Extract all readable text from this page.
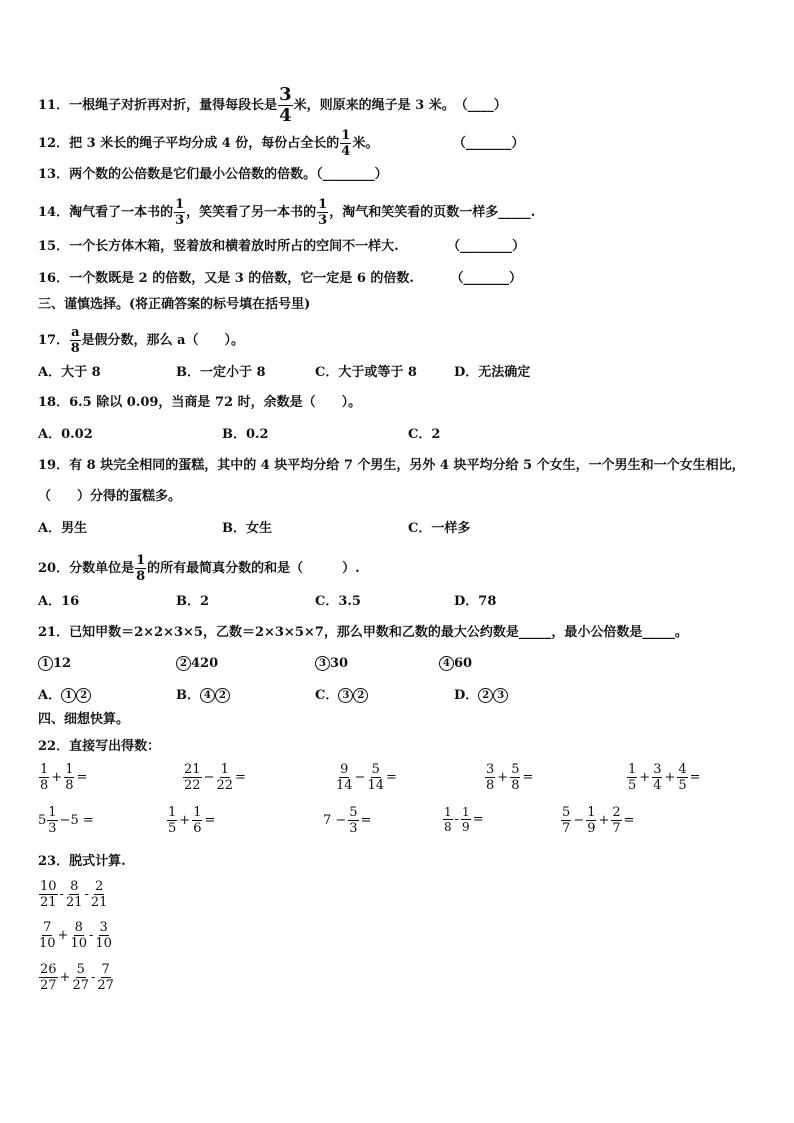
11．一根绳子对折再对折，量得每段长是 $\frac{3}{4}$ 米，则原来的绳子是 3 米。　 （____）
12．把 3 米长的绳子平均分成 4 份，每份占全长的 $\frac{1}{4}$ 米。	（_______）
13．两个数的公倍数是它们最小公倍数的倍数。（________）
14．淘气看了一本书的 $\frac{1}{3}$ ，笑笑看了另一本书的 $\frac{1}{3}$ ，淘气和笑笑看的页数一样多_____.
15．一个长方体木箱，竖着放和横着放时所占的空间不一样大.	（________）
16．一个数既是 2 的倍数，又是 3 的倍数，它一定是 6 的倍数.	（_______）
三、谨慎选择。(将正确答案的标号填在括号里)
17． $\frac{a}{8}$ 是假分数，那么 a（　　）。
A．大于 8	B．一定小于 8	C．大于或等于 8	D．无法确定
18．6.5 除以 0.09，当商是 72 时，余数是（　　）。
A．0.02	B．0.2	C．2
19．有 8 块完全相同的蛋糕，其中的 4 块平均分给 7 个男生，另外 4 块平均分给 5 个女生，一个男生和一个女生相比，
（　　）分得的蛋糕多。
A．男生	B．女生	C．一样多
20．分数单位是 $\frac{1}{8}$ 的所有最简真分数的和是（　　　）.
A．16	B．2	C．3.5	D．78
21．已知甲数＝2×2×3×5，乙数＝2×3×5×7，那么甲数和乙数的最大公约数是_____，最小公倍数是_____。
1 12	2 420	3 30	4 60
A． 1 2	B． 4 2	C． 3 2	D． 2 3
四、细想快算。
22．直接写出得数：
$\frac{1}{8} + \frac{1}{8}$ =	$\frac{21}{22} - \frac{1}{22}$ =	$\frac{9}{14} - \frac{5}{14}$ =	$\frac{3}{8} + \frac{5}{8}$ =	$\frac{1}{5} + \frac{3}{4} + \frac{4}{5}$ =
$5 \frac{1}{3} -5$ =	$\frac{1}{5} + \frac{1}{6}$ =	$7 - \frac{5}{3}$ =	$\frac{1}{8} - \frac{1}{9}$ =	$\frac{5}{7} - \frac{1}{9} + \frac{2}{7}$ =
23．脱式计算.
$\frac{10}{21} - \frac{8}{21} - \frac{2}{21}$
$\frac{7}{10} + \frac{8}{10} - \frac{3}{10}$
$\frac{26}{27} + \frac{5}{27} - \frac{7}{27}$
